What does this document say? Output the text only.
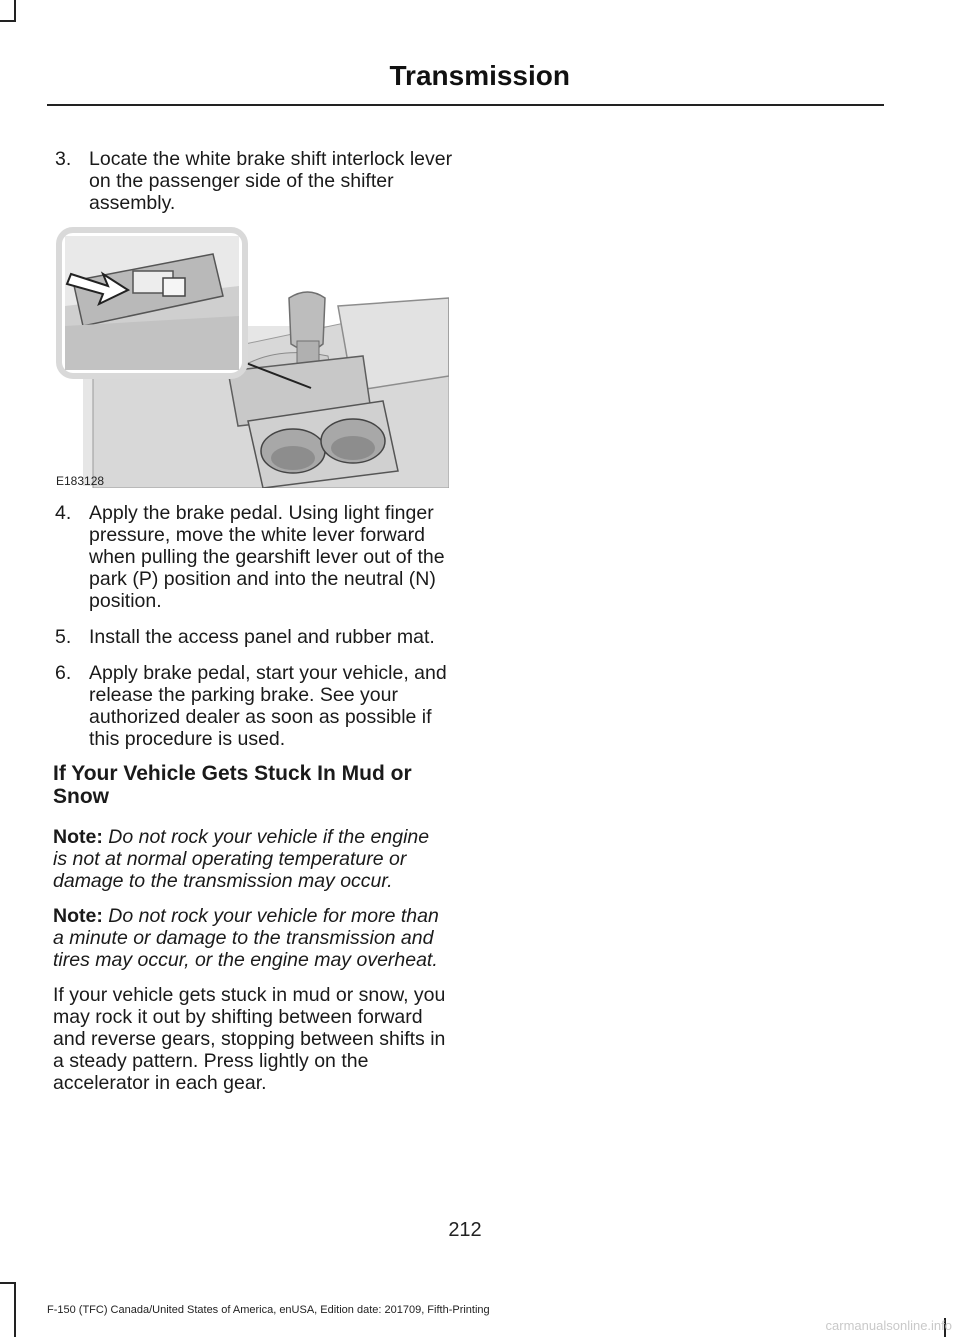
Transmission
3. Locate the white brake shift interlock lever on the passenger side of the shifter assembly.
E183128
4. Apply the brake pedal. Using light finger pressure, move the white lever forward when pulling the gearshift lever out of the park (P) position and into the neutral (N) position.
5. Install the access panel and rubber mat.
6. Apply brake pedal, start your vehicle, and release the parking brake. See your authorized dealer as soon as possible if this procedure is used.
If Your Vehicle Gets Stuck In Mud or Snow

Note: Do not rock your vehicle if the engine is not at normal operating temperature or damage to the transmission may occur.

Note: Do not rock your vehicle for more than a minute or damage to the transmission and tires may occur, or the engine may overheat.

If your vehicle gets stuck in mud or snow, you may rock it out by shifting between forward and reverse gears, stopping between shifts in a steady pattern. Press lightly on the accelerator in each gear.

212
F-150 (TFC) Canada/United States of America, enUSA, Edition date: 201709, Fifth-Printing
carmanualsonline.info
